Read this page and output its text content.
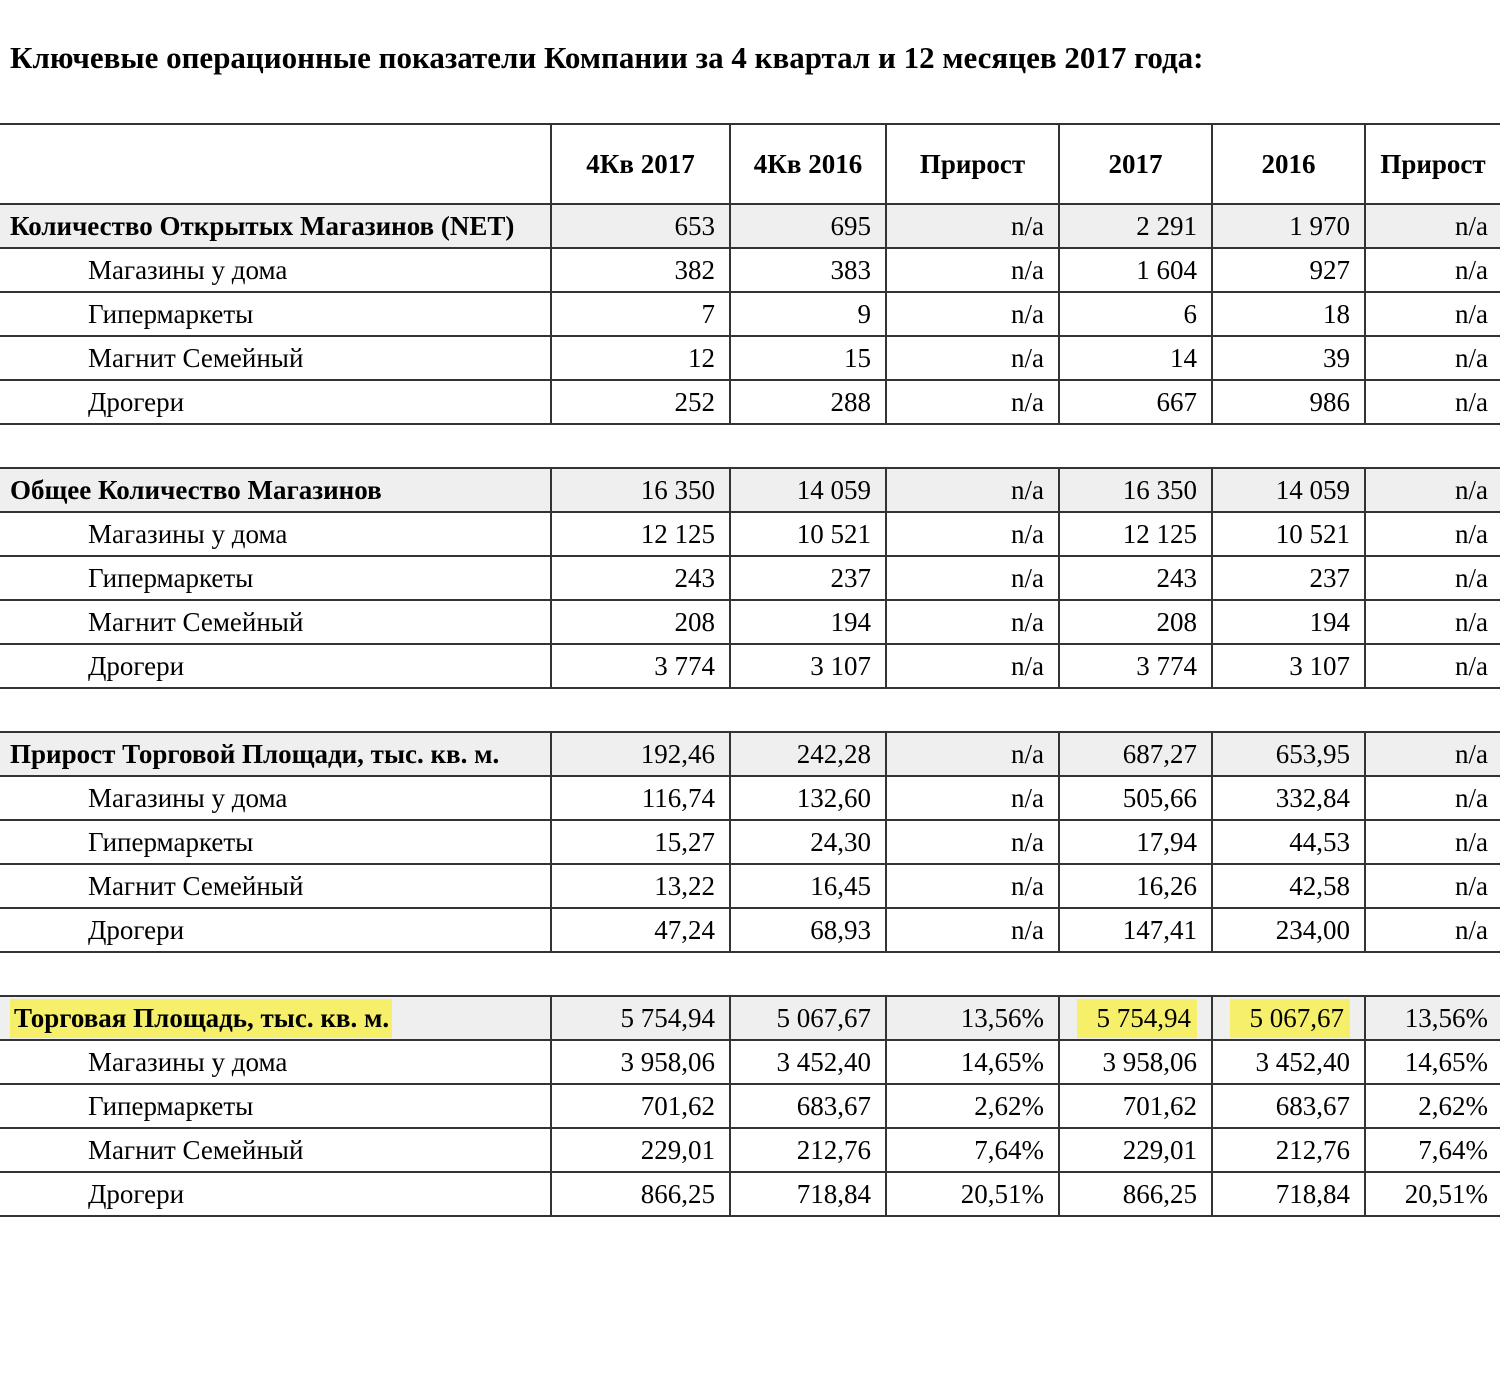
Ключевые операционные показатели Компании за 4 квартал и 12 месяцев 2017 года:
	4Кв 2017	4Кв 2016	Прирост	2017	2016	Прирост
Количество Открытых Магазинов (NET)	653	695	n/a	2 291	1 970	n/a
Магазины у дома	382	383	n/a	1 604	927	n/a
Гипермаркеты	7	9	n/a	6	18	n/a
Магнит Семейный	12	15	n/a	14	39	n/a
Дрогери	252	288	n/a	667	986	n/a

Общее Количество Магазинов	16 350	14 059	n/a	16 350	14 059	n/a
Магазины у дома	12 125	10 521	n/a	12 125	10 521	n/a
Гипермаркеты	243	237	n/a	243	237	n/a
Магнит Семейный	208	194	n/a	208	194	n/a
Дрогери	3 774	3 107	n/a	3 774	3 107	n/a

Прирост Торговой Площади, тыс. кв. м.	192,46	242,28	n/a	687,27	653,95	n/a
Магазины у дома	116,74	132,60	n/a	505,66	332,84	n/a
Гипермаркеты	15,27	24,30	n/a	17,94	44,53	n/a
Магнит Семейный	13,22	16,45	n/a	16,26	42,58	n/a
Дрогери	47,24	68,93	n/a	147,41	234,00	n/a

Торговая Площадь, тыс. кв. м.	5 754,94	5 067,67	13,56%	5 754,94	5 067,67	13,56%
Магазины у дома	3 958,06	3 452,40	14,65%	3 958,06	3 452,40	14,65%
Гипермаркеты	701,62	683,67	2,62%	701,62	683,67	2,62%
Магнит Семейный	229,01	212,76	7,64%	229,01	212,76	7,64%
Дрогери	866,25	718,84	20,51%	866,25	718,84	20,51%
